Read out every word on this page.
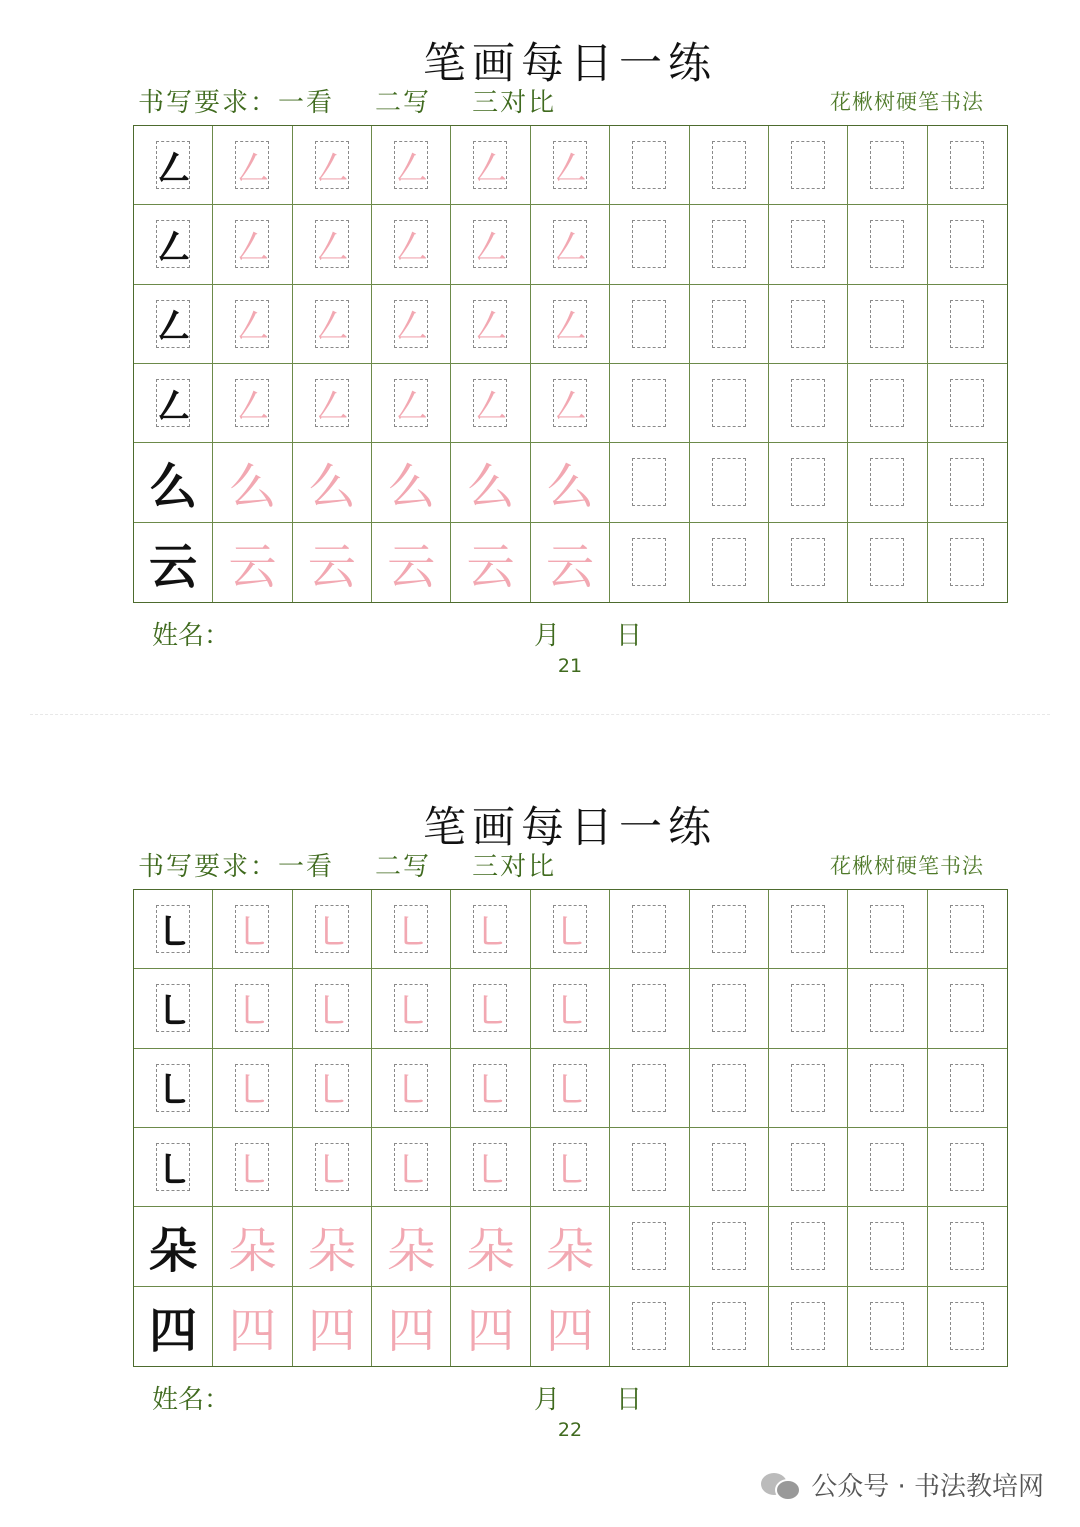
笔画每日一练
书写要求：一看    二写    三对比	花楸树硬笔书法
㇜ ㇜ ㇜ ㇜ ㇜ ㇜
㇜ ㇜ ㇜ ㇜ ㇜ ㇜
㇜ ㇜ ㇜ ㇜ ㇜ ㇜
㇜ ㇜ ㇜ ㇜ ㇜ ㇜
么 么 么 么 么 么
云 云 云 云 云 云
姓名：	月 日
21
笔画每日一练
书写要求：一看    二写    三对比	花楸树硬笔书法
㇄ ㇄ ㇄ ㇄ ㇄ ㇄
㇄ ㇄ ㇄ ㇄ ㇄ ㇄
㇄ ㇄ ㇄ ㇄ ㇄ ㇄
㇄ ㇄ ㇄ ㇄ ㇄ ㇄
朵 朵 朵 朵 朵 朵
四 四 四 四 四 四
姓名：	月 日
22
公众号 · 书法教培网
